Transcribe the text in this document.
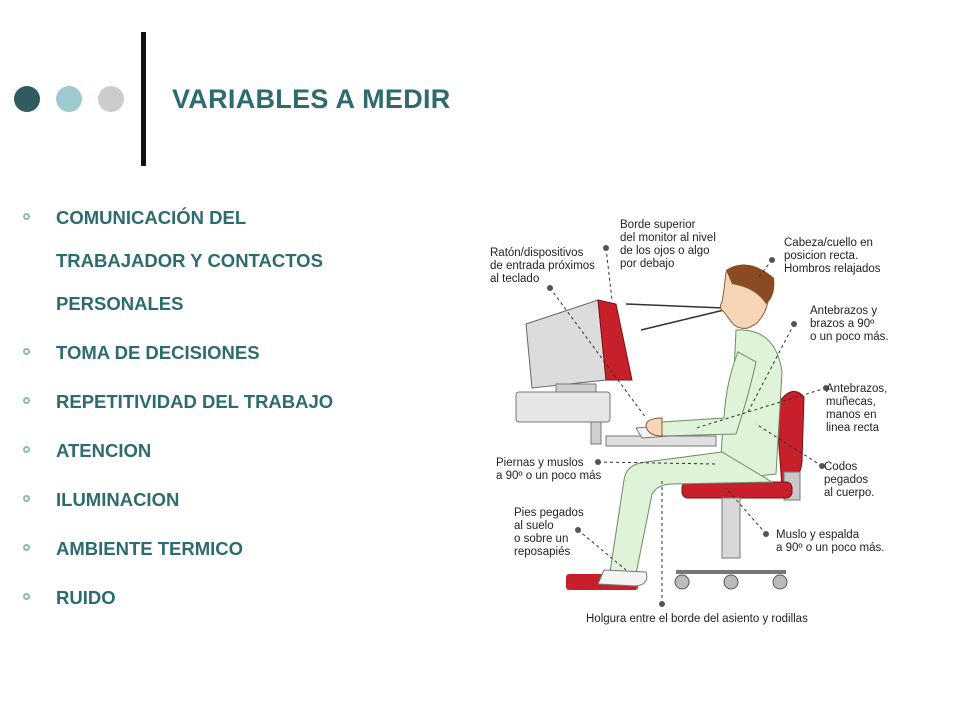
VARIABLES A MEDIR
COMUNICACIÓN DEL
TRABAJADOR Y CONTACTOS
PERSONALES
TOMA DE DECISIONES
REPETITIVIDAD DEL TRABAJO
ATENCION
ILUMINACION
AMBIENTE TERMICO
RUIDO
Ratón/dispositivos de entrada próximos al teclado
Borde superior del monitor al nivel de los ojos o algo por debajo
Cabeza/cuello en posicion recta. Hombros relajados
Antebrazos y brazos a 90º o un poco más.
Antebrazos, muñecas, manos en linea recta
Piernas y muslos a 90º o un poco más
Codos pegados al cuerpo.
Pies pegados al suelo o sobre un reposapiés
Muslo y espalda a 90º o un poco más.
Holgura entre el borde del asiento y rodillas
